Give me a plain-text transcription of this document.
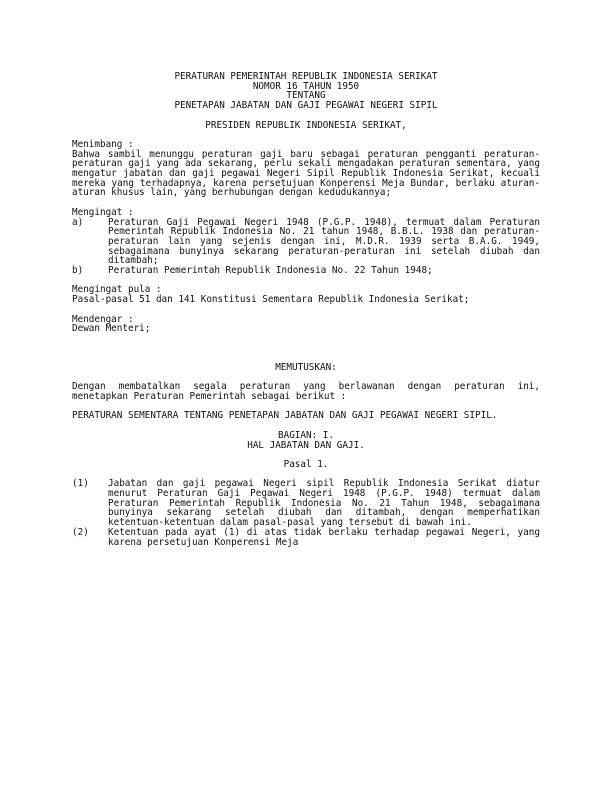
PERATURAN PEMERINTAH REPUBLIK INDONESIA SERIKAT
NOMOR 16 TAHUN 1950
TENTANG
PENETAPAN JABATAN DAN GAJI PEGAWAI NEGERI SIPIL
PRESIDEN REPUBLIK INDONESIA SERIKAT,
Menimbang :
Bahwa sambil menunggu peraturan gaji baru sebagai peraturan pengganti peraturan-peraturan gaji yang ada sekarang, perlu sekali mengadakan peraturan sementara, yang mengatur jabatan dan gaji pegawai Negeri Sipil Republik Indonesia Serikat, kecuali mereka yang terhadapnya, karena persetujuan Konperensi Meja Bundar, berlaku aturan-aturan khusus lain, yang berhubungan dengan kedudukannya;
Mengingat :
a)	Peraturan Gaji Pegawai Negeri 1948 (P.G.P. 1948), termuat dalam Peraturan Pemerintah Republik Indonesia No. 21 tahun 1948, B.B.L. 1938 dan peraturan-peraturan lain yang sejenis dengan ini, M.D.R. 1939 serta B.A.G. 1949, sebagaimana bunyinya sekarang peraturan-peraturan ini setelah diubah dan ditambah;
b)	Peraturan Pemerintah Republik Indonesia No. 22 Tahun 1948;
Mengingat pula :
Pasal-pasal 51 dan 141 Konstitusi Sementara Republik Indonesia Serikat;
Mendengar :
Dewan Menteri;
MEMUTUSKAN:
Dengan membatalkan segala peraturan yang berlawanan dengan peraturan ini, menetapkan Peraturan Pemerintah sebagai berikut :
PERATURAN SEMENTARA TENTANG PENETAPAN JABATAN DAN GAJI PEGAWAI NEGERI SIPIL.
BAGIAN: I.
HAL JABATAN DAN GAJI.
Pasal 1.
(1)	Jabatan dan gaji pegawai Negeri sipil Republik Indonesia Serikat diatur menurut Peraturan Gaji Pegawai Negeri 1948 (P.G.P. 1948) termuat dalam Peraturan Pemerintah Republik Indonesia No. 21 Tahun 1948, sebagaimana bunyinya sekarang setelah diubah dan ditambah, dengan memperhatikan ketentuan-ketentuan dalam pasal-pasal yang tersebut di bawah ini.
(2)	Ketentuan pada ayat (1) di atas tidak berlaku terhadap pegawai Negeri, yang karena persetujuan Konperensi Meja
